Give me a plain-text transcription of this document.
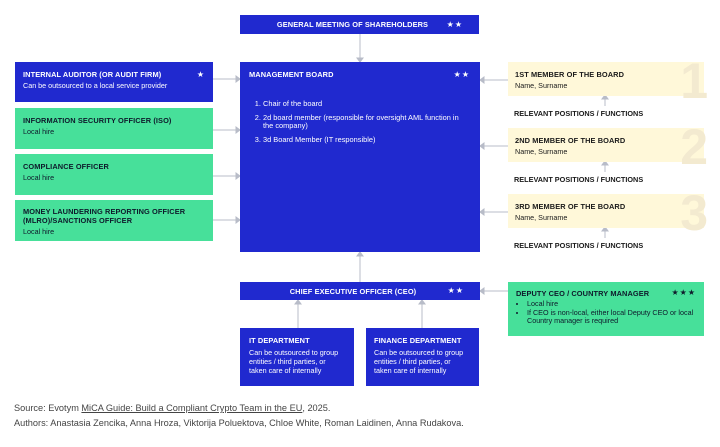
GENERAL MEETING OF SHAREHOLDERS	★★
MANAGEMENT BOARD	★★
1. Chair of the board
2. 2d board member (responsible for oversight AML function in the company)
3. 3d Board Member (IT responsible)
INTERNAL AUDITOR (OR AUDIT FIRM)	★
Can be outsourced to a local service provider
INFORMATION SECURITY OFFICER (ISO)
Local hire
COMPLIANCE OFFICER
Local hire
MONEY LAUNDERING REPORTING OFFICER (MLRO)/SANCTIONS OFFICER
Local hire
1
1ST MEMBER OF THE BOARD
Name, Surname
RELEVANT POSITIONS / FUNCTIONS
2
2ND MEMBER OF THE BOARD
Name, Surname
RELEVANT POSITIONS / FUNCTIONS
3
3RD MEMBER OF THE BOARD
Name, Surname
RELEVANT POSITIONS / FUNCTIONS
CHIEF EXECUTIVE OFFICER (CEO)	★★	DEPUTY CEO / COUNTRY MANAGER	★★★
• Local hire
• If CEO is non-local, either local Deputy CEO or local Country manager is required
IT DEPARTMENT
Can be outsourced to group entities / third parties, or taken care of internally
FINANCE DEPARTMENT
Can be outsourced to group entities / third parties, or taken care of internally
Source: Evotym MiCA Guide: Build a Compliant Crypto Team in the EU, 2025.
Authors: Anastasia Zencika, Anna Hroza, Viktorija Poluektova, Chloe White, Roman Laidinen, Anna Rudakova.
